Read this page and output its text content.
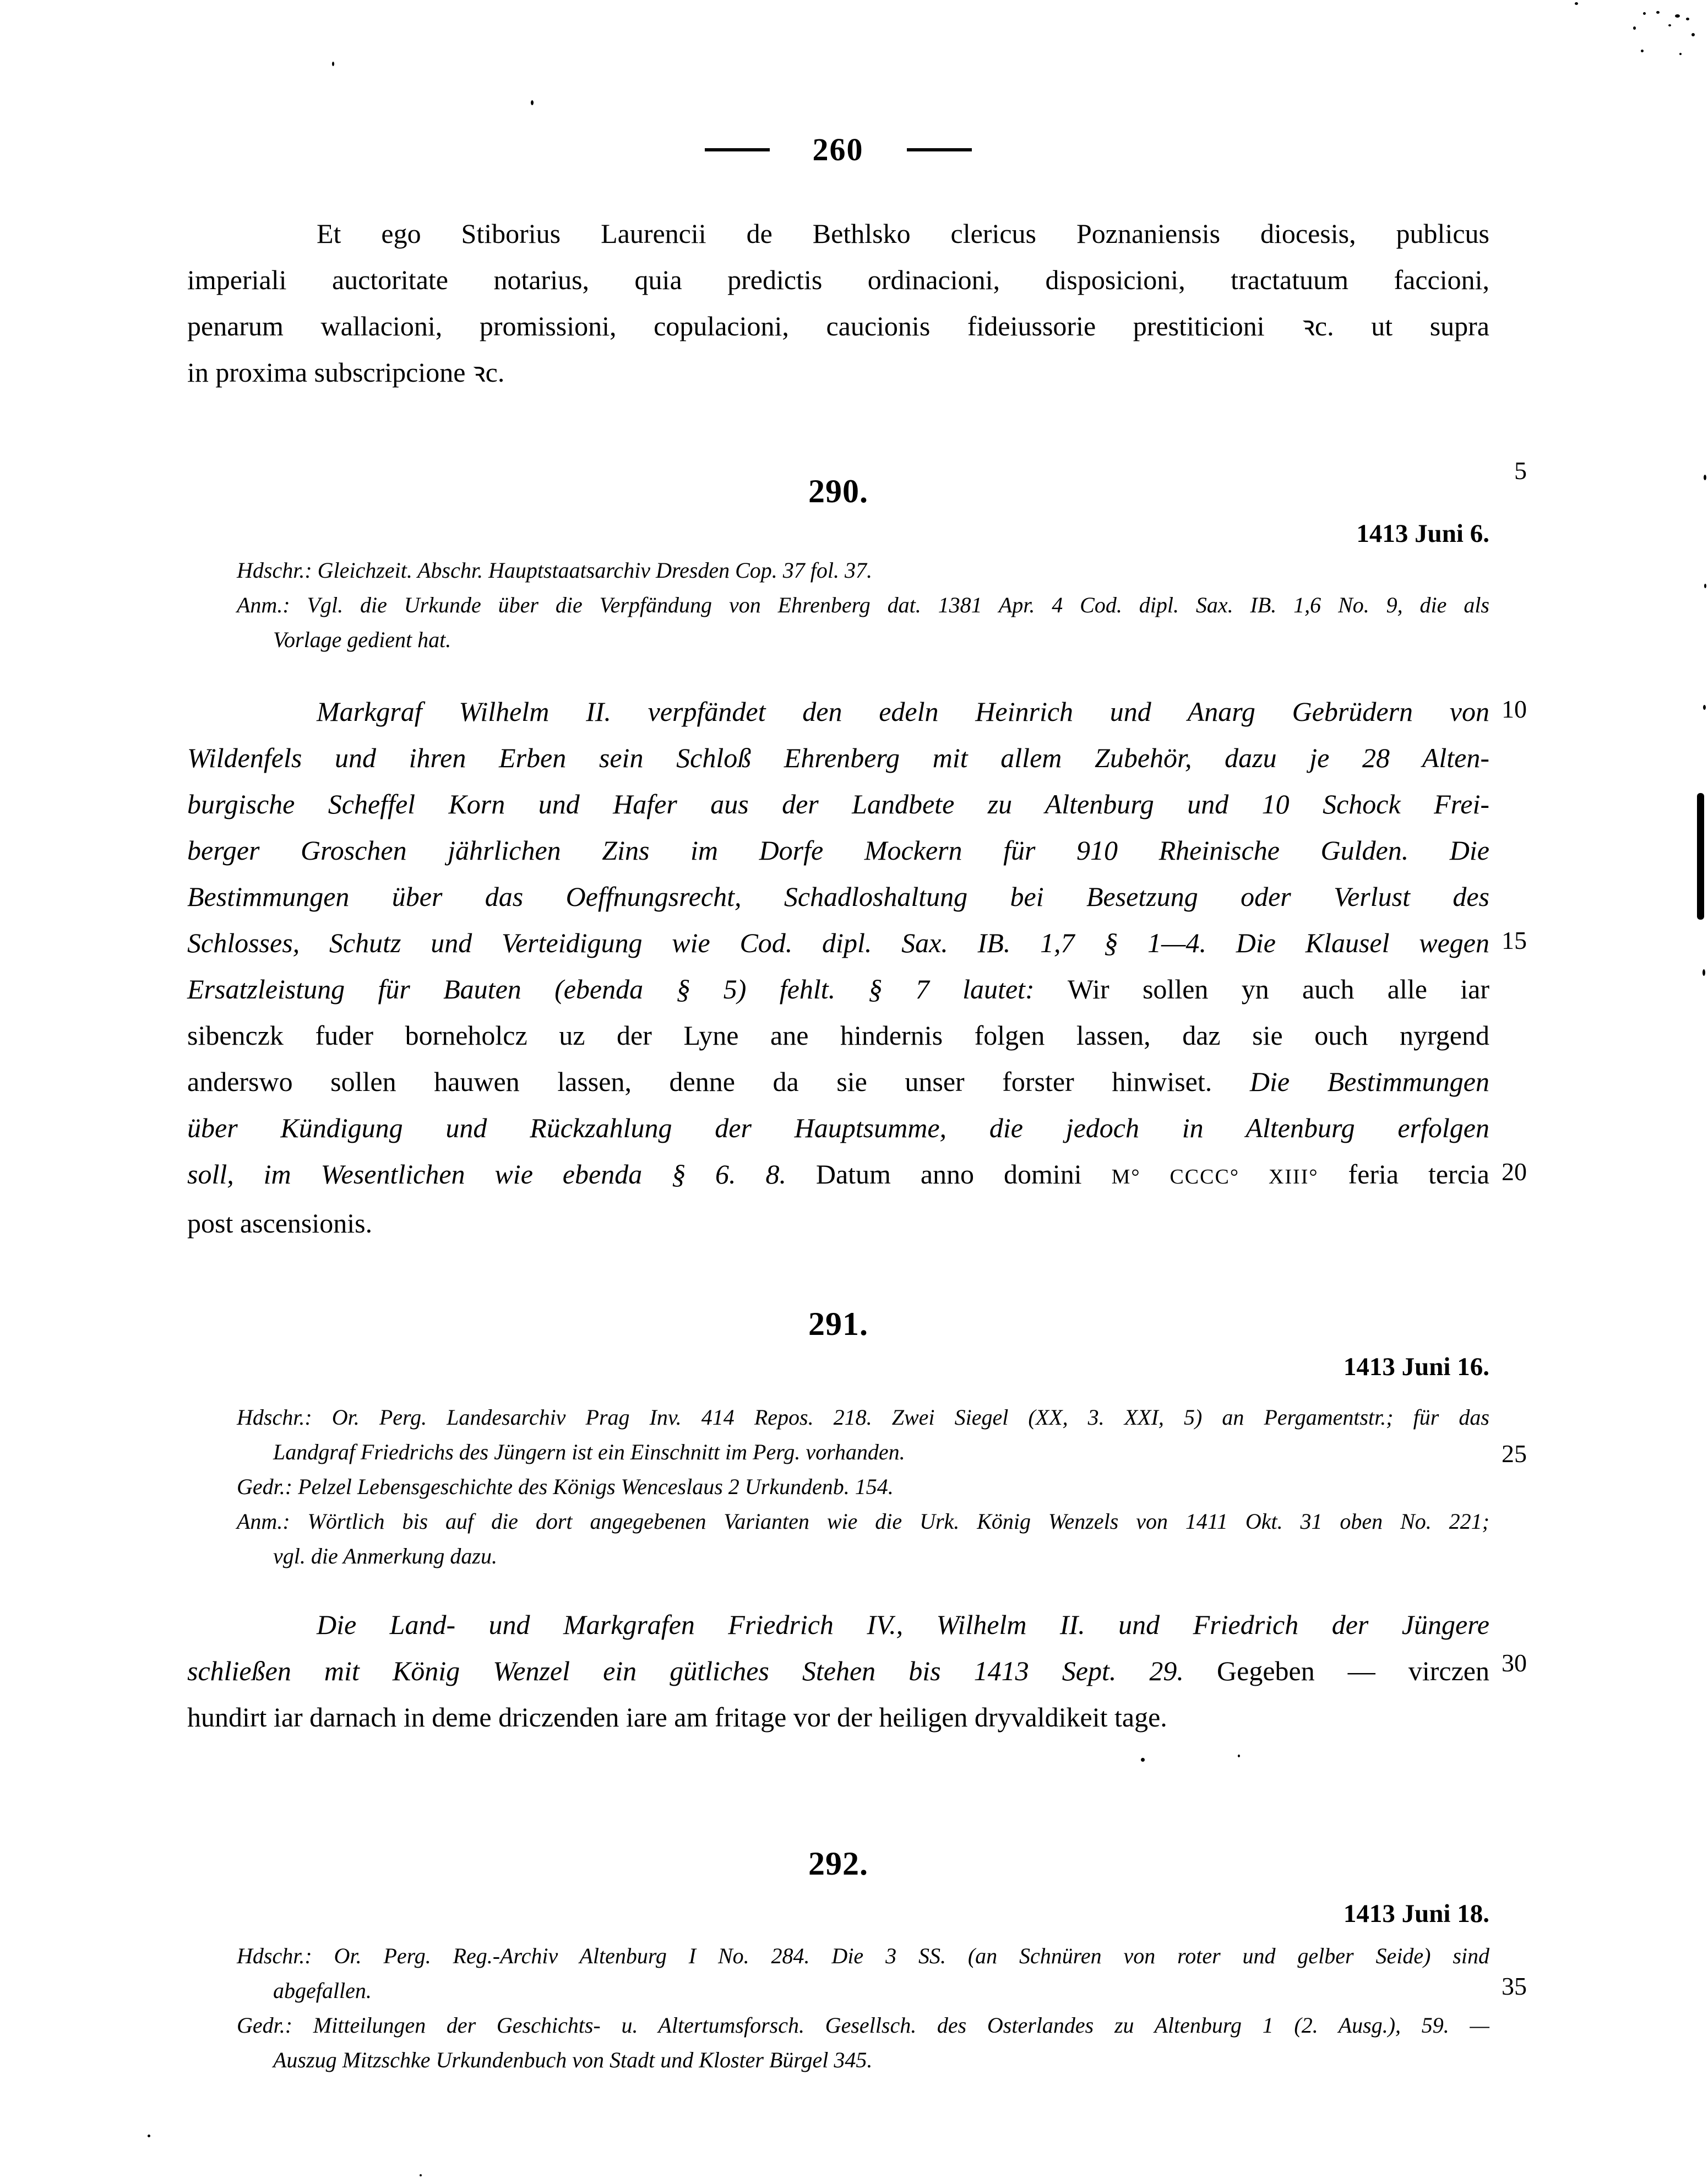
260
Et ego Stiborius Laurencii de Bethlsko clericus Poznaniensis diocesis, publicus
imperiali auctoritate notarius, quia predictis ordinacioni, disposicioni, tractatuum faccioni,
penarum wallacioni, promissioni, copulacioni, caucionis fideiussorie prestiticioni ꝛc. ut supra
in proxima subscripcione ꝛc.
290.
1413 Juni 6.
Hdschr.: Gleichzeit. Abschr. Hauptstaatsarchiv Dresden Cop. 37 fol. 37.
Anm.: Vgl. die Urkunde über die Verpfändung von Ehrenberg dat. 1381 Apr. 4 Cod. dipl. Sax. IB. 1,6 No. 9, die als
Vorlage gedient hat.
Markgraf Wilhelm II. verpfändet den edeln Heinrich und Anarg Gebrüdern von
Wildenfels und ihren Erben sein Schloß Ehrenberg mit allem Zubehör, dazu je 28 Alten-
burgische Scheffel Korn und Hafer aus der Landbete zu Altenburg und 10 Schock Frei-
berger Groschen jährlichen Zins im Dorfe Mockern für 910 Rheinische Gulden. Die
Bestimmungen über das Oeffnungsrecht, Schadloshaltung bei Besetzung oder Verlust des
Schlosses, Schutz und Verteidigung wie Cod. dipl. Sax. IB. 1,7 § 1—4. Die Klausel wegen
Ersatzleistung für Bauten (ebenda § 5) fehlt. § 7 lautet: Wir sollen yn auch alle iar
sibenczk fuder borneholcz uz der Lyne ane hindernis folgen lassen, daz sie ouch nyrgend
anderswo sollen hauwen lassen, denne da sie unser forster hinwiset. Die Bestimmungen
über Kündigung und Rückzahlung der Hauptsumme, die jedoch in Altenburg erfolgen
soll, im Wesentlichen wie ebenda § 6. 8. Datum anno domini M° CCCC° XIII° feria tercia
post ascensionis.
291.
1413 Juni 16.
Hdschr.: Or. Perg. Landesarchiv Prag Inv. 414 Repos. 218. Zwei Siegel (XX, 3. XXI, 5) an Pergamentstr.; für das
Landgraf Friedrichs des Jüngern ist ein Einschnitt im Perg. vorhanden.
Gedr.: Pelzel Lebensgeschichte des Königs Wenceslaus 2 Urkundenb. 154.
Anm.: Wörtlich bis auf die dort angegebenen Varianten wie die Urk. König Wenzels von 1411 Okt. 31 oben No. 221;
vgl. die Anmerkung dazu.
Die Land- und Markgrafen Friedrich IV., Wilhelm II. und Friedrich der Jüngere
schließen mit König Wenzel ein gütliches Stehen bis 1413 Sept. 29. Gegeben — virczen
hundirt iar darnach in deme driczenden iare am fritage vor der heiligen dryvaldikeit tage.
292.
1413 Juni 18.
Hdschr.: Or. Perg. Reg.-Archiv Altenburg I No. 284. Die 3 SS. (an Schnüren von roter und gelber Seide) sind
abgefallen.
Gedr.: Mitteilungen der Geschichts- u. Altertumsforsch. Gesellsch. des Osterlandes zu Altenburg 1 (2. Ausg.), 59. —
Auszug Mitzschke Urkundenbuch von Stadt und Kloster Bürgel 345.
5
10
15
20
25
30
35
